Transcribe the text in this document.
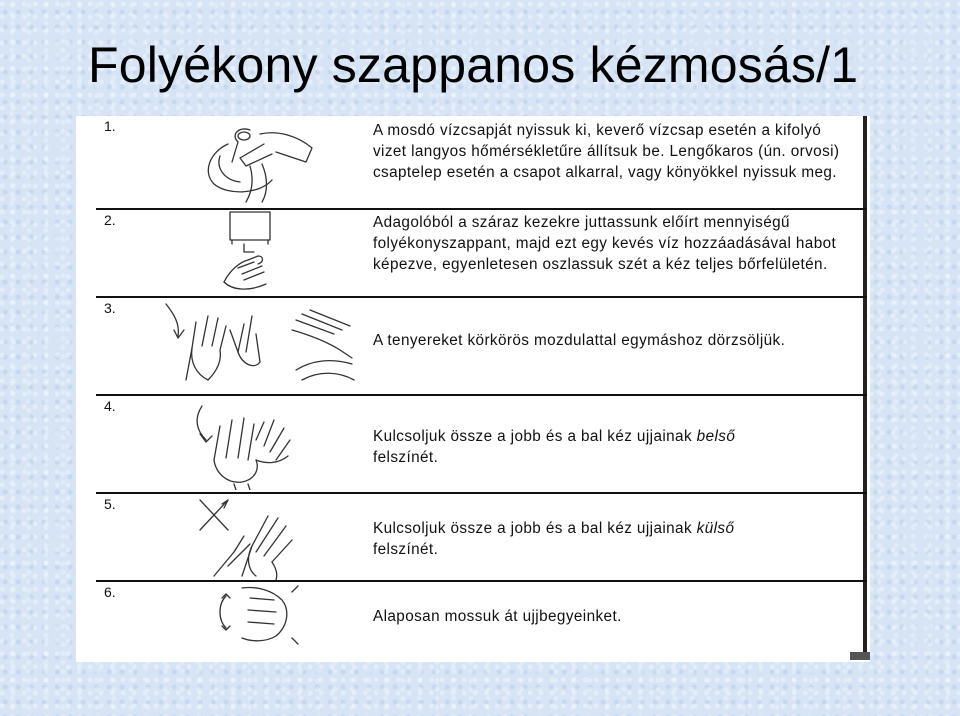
Folyékony szappanos kézmosás/1
1.	A mosdó vízcsapját nyissuk ki, keverő vízcsap esetén a kifolyó vizet langyos hőmérsékletűre állítsuk be. Lengőkaros (ún. orvosi) csaptelep esetén a csapot alkarral, vagy könyökkel nyissuk meg.
2.	Adagolóból a száraz kezekre juttassunk előírt mennyiségű folyékonyszappant, majd ezt egy kevés víz hozzáadásával habot képezve, egyenletesen oszlassuk szét a kéz teljes bőrfelületén.
3.
A tenyereket körkörös mozdulattal egymáshoz dörzsöljük.
4.
Kulcsoljuk össze a jobb és a bal kéz ujjainak belső
felszínét.
5.
Kulcsoljuk össze a jobb és a bal kéz ujjainak külső
felszínét.
6.
Alaposan mossuk át ujjbegyeinket.
